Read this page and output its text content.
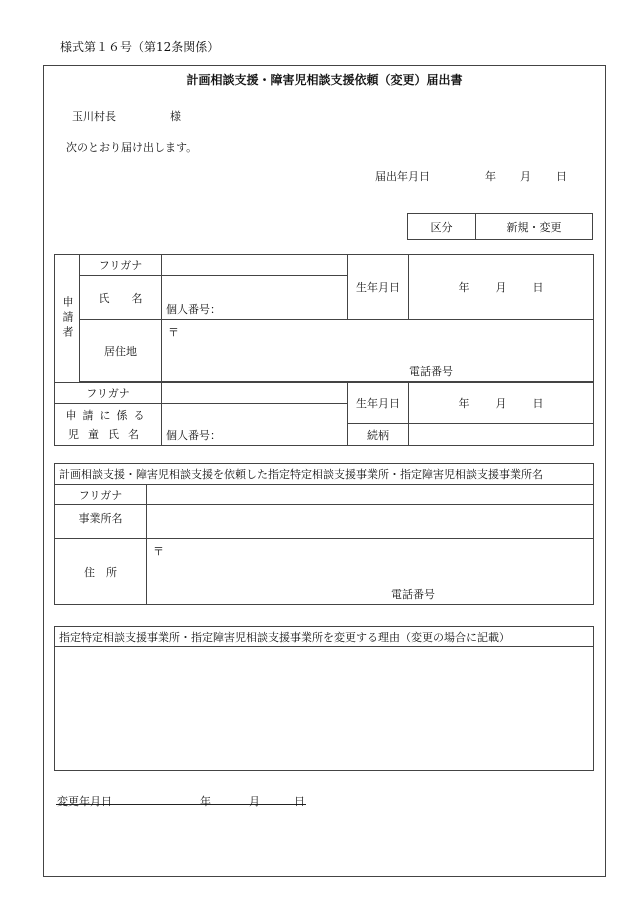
様式第１６号（第12条関係）
計画相談支援・障害児相談支援依頼（変更）届出書
玉川村長	様
次のとおり届け出します。
届出年月日	年 月 日
区分	新規・変更
申請者	フリガナ		生年月日	年 月 日

	氏　　名	個人番号：		

	居住地	〒
電話番号		

フリガナ			生年月日	年 月 日

申請に係る
児童氏名		個人番号：		

			続柄	
計画相談支援・障害児相談支援を依頼した指定特定相談支援事業所・指定障害児相談支援事業所名	
フリガナ	
事業所名	
住　所	〒
電話番号
指定特定相談支援事業所・指定障害児相談支援事業所を変更する理由（変更の場合に記載）

変更年月日	年	月	日
